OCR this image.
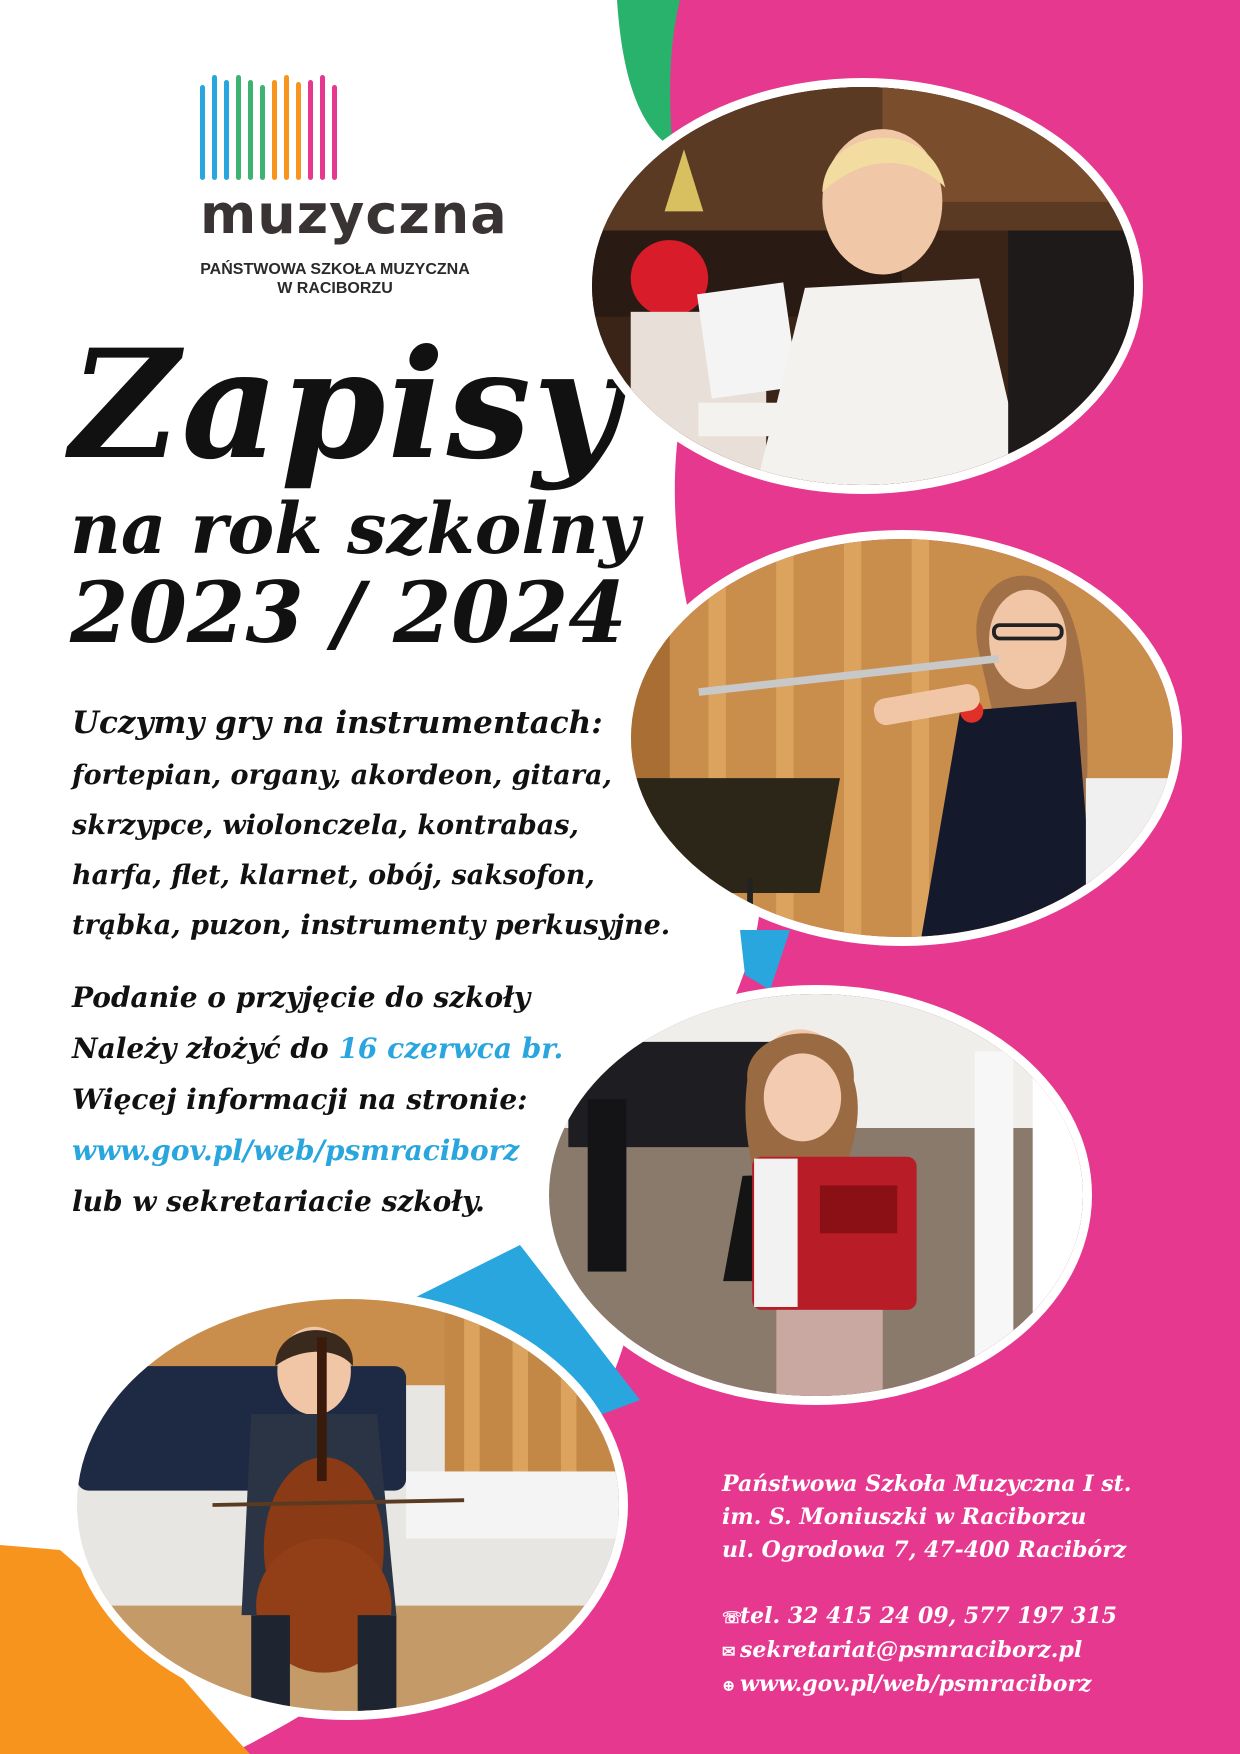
muzyczna
PAŃSTWOWA SZKOŁA MUZYCZNA
W RACIBORZU
Zapisy
na rok szkolny
2023 / 2024
Uczymy gry na instrumentach:
fortepian, organy, akordeon, gitara,
skrzypce, wiolonczela, kontrabas,
harfa, flet, klarnet, obój, saksofon,
trąbka, puzon, instrumenty perkusyjne.
Podanie o przyjęcie do szkoły
Należy złożyć do 16 czerwca br.
Więcej informacji na stronie:
www.gov.pl/web/psmraciborz
lub w sekretariacie szkoły.
Państwowa Szkoła Muzyczna I st.
im. S. Moniuszki w Raciborzu
ul. Ogrodowa 7, 47-400 Racibórz
☏tel. 32 415 24 09, 577 197 315
✉ sekretariat@psmraciborz.pl
⊕ www.gov.pl/web/psmraciborz
